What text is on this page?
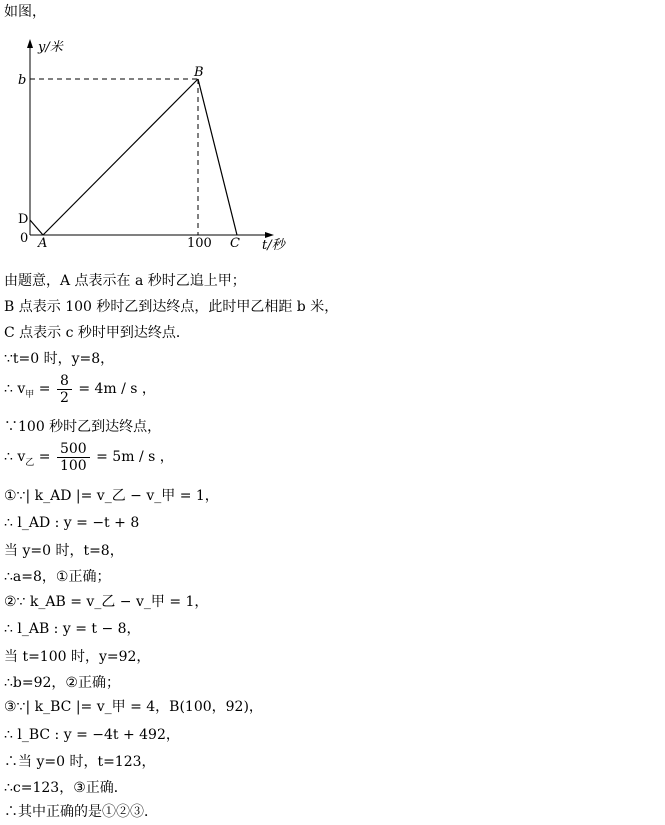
如图，
y/米
b
B
D
0 A	100 C t/秒
由题意，A 点表示在 a 秒时乙追上甲；
B 点表示 100 秒时乙到达终点，此时甲乙相距 b 米，
C 点表示 c 秒时甲到达终点．
∵t=0 时，y=8，
∴ $v_甲 = \frac{8}{2} = 4m / s$ ，
∵100 秒时乙到达终点，
∴ $v_乙 = \frac{500}{100} = 5m / s$ ，
①∵| k_AD |= v_乙 − v_甲 = 1，
∴ l_AD : y = −t + 8
当 y=0 时，t=8，
∴a=8，①正确；
②∵ k_AB = v_乙 − v_甲 = 1，
∴ l_AB : y = t − 8，
当 t=100 时，y=92，
∴b=92，②正确；
③∵| k_BC |= v_甲 = 4，B(100，92)，
∴ l_BC : y = −4t + 492，
∴当 y=0 时，t=123，
∴c=123，③正确．
∴其中正确的是①②③．
